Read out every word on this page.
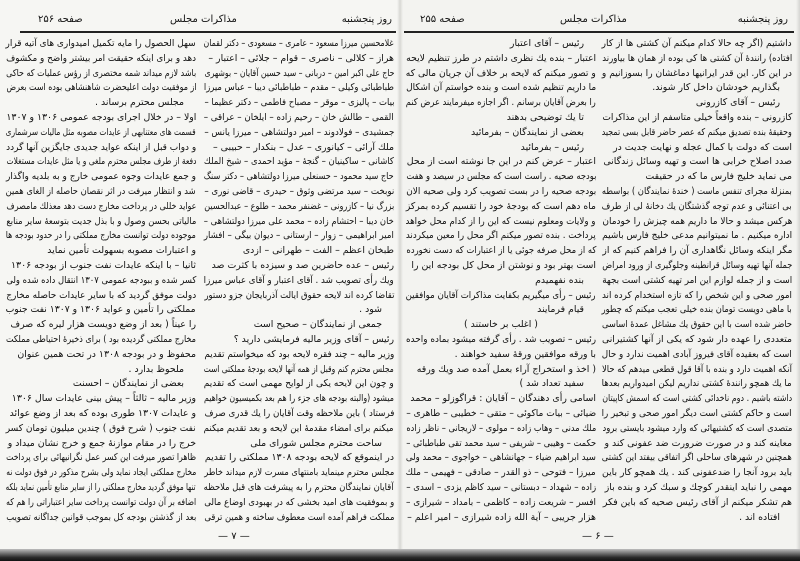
صفحه ۲۵۶	مذاکرات مجلس	روز پنجشنبه
غلامحسین میرزا مسعود – عامری – مسعودی – دکتر لقمان
هراز – کلالی – ناصری – قوام – جلائی – اعتبار –
حاج علی اکبر امین – دربانی – سید حسین آقایان – بوشهری
طباطبائی وکیلی – مقدم – طباطبائی دیبا – عباس میرزا
بیات – پالیزی – موقر – مصباح فاطمی – دکتر عظیما –
القمی – طالش خان – رحیم زاده – ایلخان – عراقی –
جمشیدی – فولادوند – امیر دولتشاهی – میرزا یانس –
ملك آرائی – کیانوری – عدل – بنکدار – حبیبی –
کاشانی – ساکینیان – گنجهٔ – مؤید احمدی – شیخ الملك
حاج سید محمود – حسنعلی میرزا دولتشاهی – دکتر سنگ
نوبخت – سید مرتضی وثوق – حیدری – قاضی نوری –
بزرگ نیا – کازرونی – غضنفر محمد – طلوع – عبدالحسین
خان دیبا – احتشام زاده – محمد علی میرزا دولتشاهی –
امیر ابراهیمی – زوار – ارستانی – دیوان بیگی – افشار
طبخان اعظم – الفت – طهرانی – ازدی
رئیس – عده حاضرین صد و سیزده با کثرت صد
ویك رأی تصویب شد . آقای اعتبار و آقای عباس میرزا
تقاضا کرده اند لایحه حقوق ایالت آذربایجان جزو دستور
شود .
جمعی از نمایندگان – صحیح است
رئیس – آقای وزیر مالیه فرمایشی دارید ؟
وزیر مالیه – چند فقره لایحه بود که میخواستم تقدیم
مجلس محترم کنم وقبل از همه آنها لایحه بودجهٔ مملکتی است
و چون این لایحه یکی از لوایح مهمی است که تقدیم
میشود (والبته بودجه های جزء را هم بعد بکمیسیون خواهیم
فرستاد ) باین ملاحظه وقت آقایان را یك قدری صرف
میکنم برای امضاء مقدمهٔ این لایحه و بعد تقدیم میکنم
ساحت محترم مجلس شورای ملی
در اینموقع که لایحه بودجه ۱۳۰۸ مملکتی را تقدیم
مجلس محترم مینماید بامنتهای مسرت لازم میداند خاطر
آقایان نمایندگان محترم را به پیشرفت های قبل ملاحظه
و بموفقیت های امید بخشی که در بهبودی اوضاع مالی
مملکت فراهم آمده است معطوف ساخته و همین ترقی
سهل الحصول را مایه تکمیل امیدواری های آتیه قرار
دهد و برای اینکه حقیقت امر بیشتر واضح و مکشوف
باشد لازم میداند شمه مختصری از رؤس عملیات که حاکی
از موفقیت دولت اعلیحضرت شاهنشاهی بوده است بعرض
مجلس محترم برساند .
اولا – در خلال اجرای بودجه عمومی ۱۳۰۶ و ۱۳۰۷
قسمت های معتنابهی از عایدات مصوبه مثل مالیات سرشماری
و دواب قبل از اینکه عواید جدیدی جایگزین آنها گردد
دفعة از طرف مجلس محترم ملغی و یا مثل عایدات مستغلات
و جمع عایدات وجوه عمومی خارج و به بلدیه واگذار
شد و انتظار میرفت در اثر نقصان حاصله از الغای همین
عواید خللی در پرداخت مخارج دست دهد معذلك مامصرف
مالیاتی بحسن وصول و با بذل جدیت بتوسعهٔ سایر منابع
موجوده دولت توانست مخارج مملکتی را در حدود بودجه ها
و اعتبارات مصوبه بسهولت تأمین نماید
ثانیا – با اینکه عایدات نفت جنوب از بودجه ۱۳۰۶
کسر شده و ببودجه عمومی ۱۳۰۷ انتقال داده شده ولی
دولت موفق گردید که با سایر عایدات حاصله مخارج
مملکتی را تأمین و عواید ۱۳۰۶ و ۱۳۰۷ نفت جنوب
را عیناً ( بعد از وضع دویست هزار لیره که صرف
مخارج مملکتی گردیده بود ) برای ذخیرهٔ احتیاطی مملکت
محفوظ و در بودجه ۱۳۰۸ در تحت همین عنوان
ملحوظ بدارد .
بعضی از نمایندگان – احسنت
وزیر مالیه – ثالثاً – پیش بینی عایدات سال ۱۳۰۶
و عایدات ۱۳۰۷ طوری بوده که بعد از وضع عوائد
نفت جنوب ( شرح فوق ) چندین میلیون تومان کسر
خرج را در مقام موازنهٔ جمع و خرج نشان میداد و
ظاهرا تصور میرفت این کسر عمل نگرانیهائی برای پرداخت
مخارج مملکتی ایجاد نماید ولی بشرح مذکور در فوق دولت نه
تنها موفق گردید مخارج مملکتی را از سایر منابع تأمین نماید بلکه
اضافه بر آن دولت توانست پرداخت سایر اعتباراتی را هم که
بعد از گذشتن بودجه کل بموجب قوانین جداگانه تصویب
— ۷ —
صفحه ۲۵۵	مذاکرات مجلس	روز پنجشنبه
داشتیم (اگر چه حالا کدام میکنم آن کشتی ها از کار
افتاده) رانندهٔ آن کشتی ها کی بوده از همان ها بیاورند
در این کار. این قدر ایرانیها دماغشان را بسوزانیم و
بگذاریم خودشان داخل کار شوند.
رئیس – آقای کازرونی
کازرونی – بنده واقعاً خیلی متاسفم از این مذاکرات
وحقیقهٔ بنده تصدیق میکنم که عصر حاضر قابل بسی تمجید
است که دولت با کمال عجله و نهایت جدیت در
صدد اصلاح خرابی ها است و تهیه وسائل زندگانی
می نماید خلیج فارس ما که در حقیقت
بمنزلهٔ مجرای تنفس ماست ( خندهٔ نمایندگان ) بواسطه
بی اعتنائی و عدم توجه گذشتگان یك دخانهٔ لی از طرف
هرکس میشد و حالا ما داریم همه چیزش را خودمان
اداره میکنیم . ما نمیتوانیم مدعی خلیج فارس باشیم
مگر اینکه وسائل نگاهداری آن را فراهم کنیم که از
جمله آنها تهیه وسائل قرانطینه وجلوگیری از ورود امراض
است و از جمله لوازم این امر تهیه کشتی است بجهة
امور صحی و این شخص را که تازه استخدام کرده اند
با ماهی دویست تومان بنده خیلی تعجب میکنم که چطور
حاضر شده است با این حقوق یك مشاغل عمدهٔ اساسی
متعددی را عهده دار شود که یکی از آنها کشتیرانی
است که بعقیده آقای فیروز آبادی اهمیت ندارد و حال
آنکه اهمیت دارد و بنده با آقا قول قطعی میدهم که حالا
ما یك همچو رانندهٔ کشتی نداریم لیکن امیدواریم بعدها
داشته باشیم . دوم ناخدائی کشتی است که اسمش کاپیتان
است و حاکم کشتی است دیگر امور صحی و تبخیر را
متصدی است که کشتیهائی که وارد میشود بایستی برود
معاینه کند و در صورت ضرورت ضد عفونی کند و
همچنین در شهرهای ساحلی اگر اتفاقی بیفتد این کشتی
باید برود آنجا را ضدعفونی کند . یك همچو کار باین
مهمی را نباید اینقدر کوچك و سبك کرد و بنده باز
هم تشکر میکنم از آقای رئیس صحیه که باین فکر
افتاده اند .
رئیس – آقای اعتبار
اعتبار – بنده یك نظری داشتم در طرز تنظیم لایحه
و تصور میکنم که لایحه بر خلاف آن جریان مالی که
ما داریم تنظیم شده است و بنده خواستم آن اشکال
را بعرض آقایان برسانم . اگر اجازه میفرمایند عرض کنم
تا یك توضیحی بدهند
بعضی از نمایندگان – بفرمائید
رئیس – بفرمائید
اعتبار – عرض کنم در این جا نوشته است از محل
بودجه صحیه . راست است که مجلس در سیصد و هفت
بودجه صحیه را در بست تصویب کرد ولی صحیه الان
ماه دهم است که بودجهٔ خود را تقسیم کرده بمرکز
و ولایات ومعلوم نیست که این را از کدام محل خواهد
پرداخت . بنده تصور میکنم اگر محل را معین میکردند
که از محل صرفه جوئی یا از اعتبارات که دست نخورده
است بهتر بود و نوشتن از محل کل بودجه این را
بنده نفهمیدم
رئیس – رأی میگیریم بکفایت مذاکرات آقایان موافقین
قیام فرمایند
( اغلب بر خاستند )
رئیس – تصویب شد . رأی گرفته میشود بماده واحده
با ورقه موافقین ورقهٔ سفید خواهند .
( اخذ و استخراج آراء بعمل آمده صد ویك ورقه
سفید تعداد شد )
اسامی رأی دهندگان – آقایان : قراگوزلو – محمد
ضیائی – بیات ماکوئی – متقی – خطیبی – طاهری –
ملك مدنی – وهاب زاده – مولوی – لاریجانی – ناظر زاده
حکمت – وهیبی – شریفی – سید محمد تقی طباطبائی –
سید ابراهیم ضیاء – جهانشاهی – خواجوی – محمد ولی
میرزا – فتوحی – ذو القدر – صادقی – فهیمی – ملك
زاده – شهداد – دبستانی – سید کاظم یزدی – اسدی –
افسر – شریعت زاده – کاظمی – بامداد – شیرازی –
هزار جریبی – آیة الله زاده شیرازی – امیر اعلم –
— ۶ —
